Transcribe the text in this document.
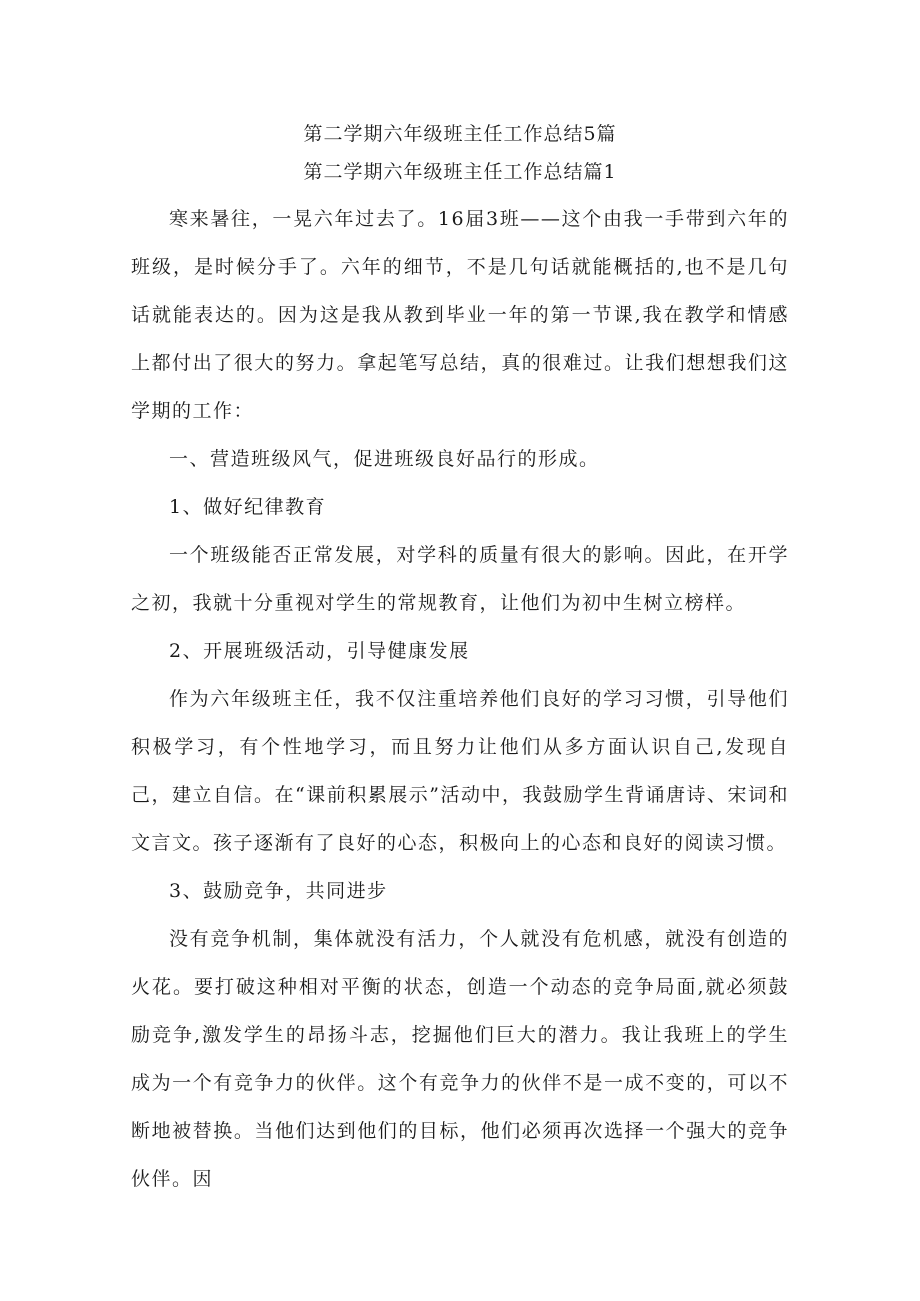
第二学期六年级班主任工作总结5篇
第二学期六年级班主任工作总结篇1

寒来暑往，一晃六年过去了。16届3班——这个由我一手带到六年的班级，是时候分手了。六年的细节，不是几句话就能概括的,也不是几句话就能表达的。因为这是我从教到毕业一年的第一节课,我在教学和情感上都付出了很大的努力。拿起笔写总结，真的很难过。让我们想想我们这学期的工作：

一、营造班级风气，促进班级良好品行的形成。

1、做好纪律教育

一个班级能否正常发展，对学科的质量有很大的影响。因此，在开学之初，我就十分重视对学生的常规教育，让他们为初中生树立榜样。

2、开展班级活动，引导健康发展

作为六年级班主任，我不仅注重培养他们良好的学习习惯，引导他们积极学习，有个性地学习，而且努力让他们从多方面认识自己,发现自己，建立自信。在“课前积累展示”活动中，我鼓励学生背诵唐诗、宋词和文言文。孩子逐渐有了良好的心态，积极向上的心态和良好的阅读习惯。

3、鼓励竞争，共同进步

没有竞争机制，集体就没有活力，个人就没有危机感，就没有创造的火花。要打破这种相对平衡的状态，创造一个动态的竞争局面,就必须鼓励竞争,激发学生的昂扬斗志，挖掘他们巨大的潜力。我让我班上的学生成为一个有竞争力的伙伴。这个有竞争力的伙伴不是一成不变的，可以不断地被替换。当他们达到他们的目标，他们必须再次选择一个强大的竞争伙伴。因
